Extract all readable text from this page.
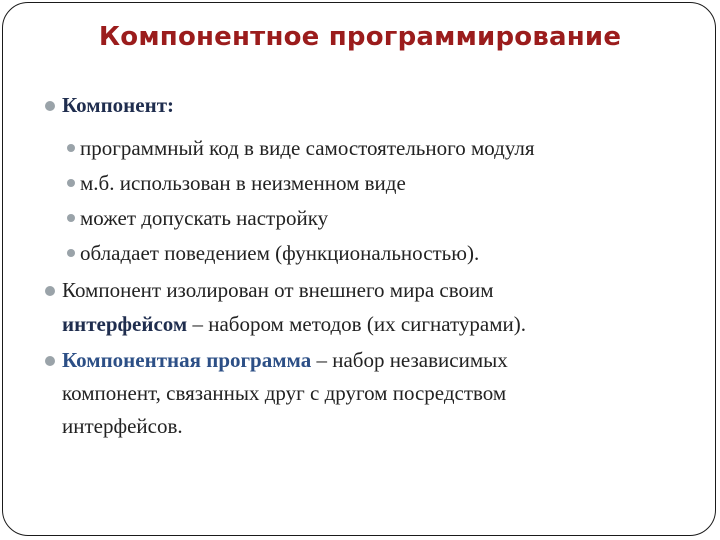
Компонентное программирование
Компонент:
программный код в виде самостоятельного модуля
м.б. использован в неизменном виде
может допускать настройку
обладает поведением (функциональностью).
Компонент изолирован от внешнего мира своим
интерфейсом – набором методов (их сигнатурами).
Компонентная программа – набор независимых
компонент, связанных друг с другом посредством
интерфейсов.
